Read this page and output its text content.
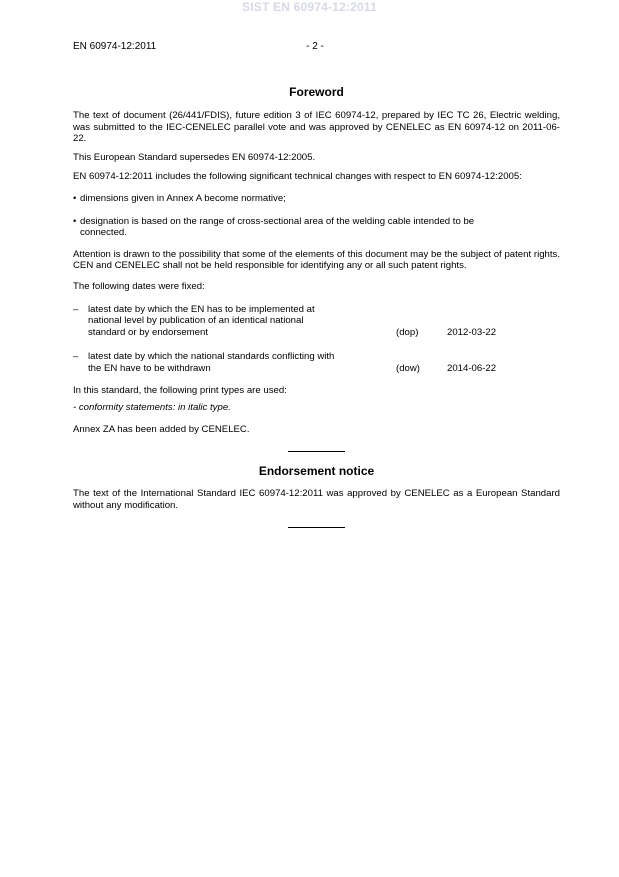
SIST EN 60974-12:2011
EN 60974-12:2011	- 2 -
Foreword

The text of document (26/441/FDIS), future edition 3 of IEC 60974-12, prepared by IEC TC 26, Electric welding, was submitted to the IEC-CENELEC parallel vote and was approved by CENELEC as EN 60974-12 on 2011-06-22.

This European Standard supersedes EN 60974-12:2005.

EN 60974-12:2011 includes the following significant technical changes with respect to EN 60974-12:2005:

• dimensions given in Annex A become normative;
• designation is based on the range of cross-sectional area of the welding cable intended to be connected.

Attention is drawn to the possibility that some of the elements of this document may be the subject of patent rights. CEN and CENELEC shall not be held responsible for identifying any or all such patent rights.

The following dates were fixed:

–	latest date by which the EN has to be implemented at national level by publication of an identical national standard or by endorsement	(dop)	2012-03-22
–	latest date by which the national standards conflicting with the EN have to be withdrawn	(dow)	2014-06-22

In this standard, the following print types are used:

- conformity statements: in italic type.

Annex ZA has been added by CENELEC.

Endorsement notice

The text of the International Standard IEC 60974-12:2011 was approved by CENELEC as a European Standard without any modification.
